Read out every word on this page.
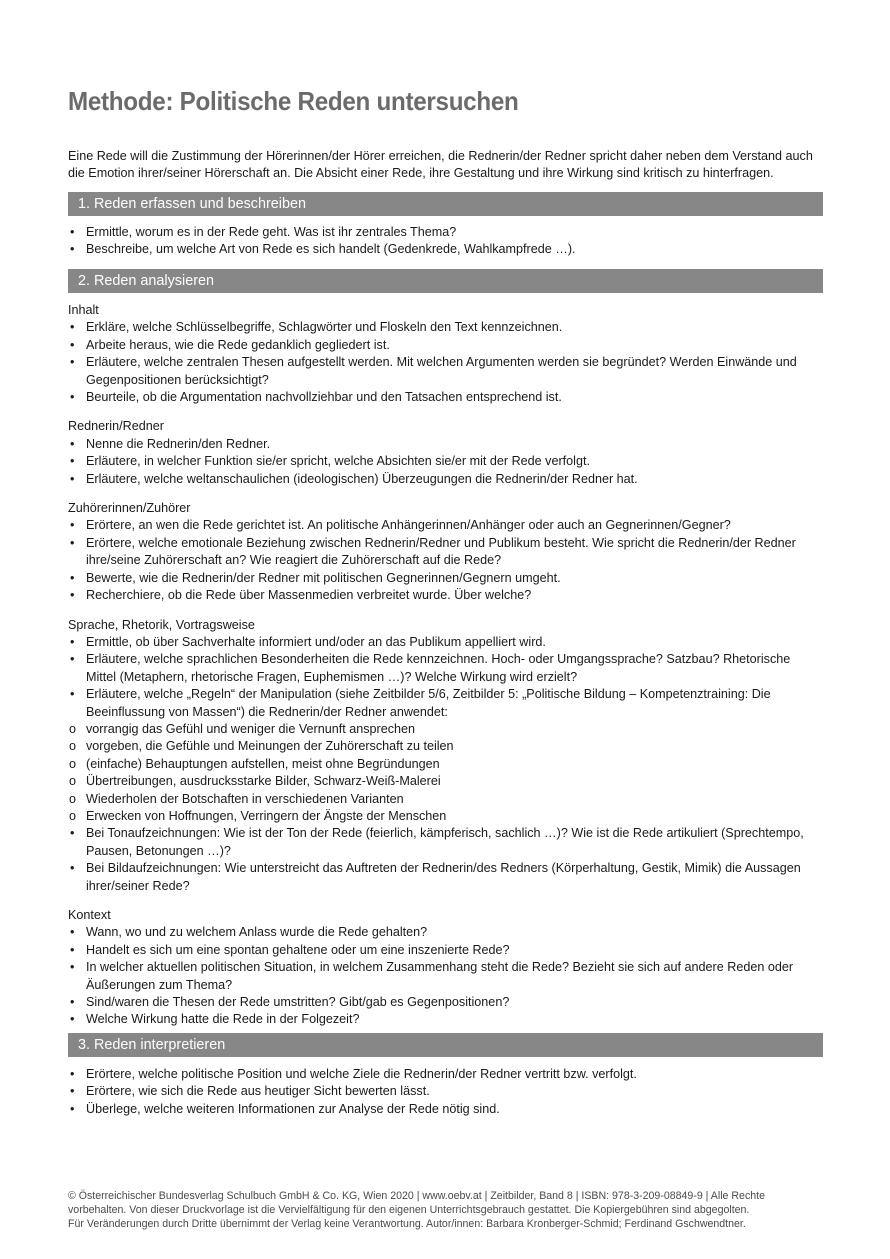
Methode: Politische Reden untersuchen

Eine Rede will die Zustimmung der Hörerinnen/der Hörer erreichen, die Rednerin/der Redner spricht daher neben dem Verstand auch die Emotion ihrer/seiner Hörerschaft an. Die Absicht einer Rede, ihre Gestaltung und ihre Wirkung sind kritisch zu hinterfragen.

1. Reden erfassen und beschreiben
• Ermittle, worum es in der Rede geht. Was ist ihr zentrales Thema?
• Beschreibe, um welche Art von Rede es sich handelt (Gedenkrede, Wahlkampfrede …).
2. Reden analysieren

Inhalt

• Erkläre, welche Schlüsselbegriffe, Schlagwörter und Floskeln den Text kennzeichnen.
• Arbeite heraus, wie die Rede gedanklich gegliedert ist.
• Erläutere, welche zentralen Thesen aufgestellt werden. Mit welchen Argumenten werden sie begründet? Werden Einwände und Gegenpositionen berücksichtigt?
• Beurteile, ob die Argumentation nachvollziehbar und den Tatsachen entsprechend ist.

Rednerin/Redner

• Nenne die Rednerin/den Redner.
• Erläutere, in welcher Funktion sie/er spricht, welche Absichten sie/er mit der Rede verfolgt.
• Erläutere, welche weltanschaulichen (ideologischen) Überzeugungen die Rednerin/der Redner hat.

Zuhörerinnen/Zuhörer

• Erörtere, an wen die Rede gerichtet ist. An politische Anhängerinnen/Anhänger oder auch an Gegnerinnen/Gegner?
• Erörtere, welche emotionale Beziehung zwischen Rednerin/Redner und Publikum besteht. Wie spricht die Rednerin/der Redner ihre/seine Zuhörerschaft an? Wie reagiert die Zuhörerschaft auf die Rede?
• Bewerte, wie die Rednerin/der Redner mit politischen Gegnerinnen/Gegnern umgeht.
• Recherchiere, ob die Rede über Massenmedien verbreitet wurde. Über welche?

Sprache, Rhetorik, Vortragsweise

• Ermittle, ob über Sachverhalte informiert und/oder an das Publikum appelliert wird.
• Erläutere, welche sprachlichen Besonderheiten die Rede kennzeichnen. Hoch- oder Umgangssprache? Satzbau? Rhetorische Mittel (Metaphern, rhetorische Fragen, Euphemismen …)? Welche Wirkung wird erzielt?
• Erläutere, welche „Regeln“ der Manipulation (siehe Zeitbilder 5/6, Zeitbilder 5: „Politische Bildung – Kompetenztraining: Die Beeinflussung von Massen“) die Rednerin/der Redner anwendet:
o vorrangig das Gefühl und weniger die Vernunft ansprechen
o vorgeben, die Gefühle und Meinungen der Zuhörerschaft zu teilen
o (einfache) Behauptungen aufstellen, meist ohne Begründungen
o Übertreibungen, ausdrucksstarke Bilder, Schwarz-Weiß-Malerei
o Wiederholen der Botschaften in verschiedenen Varianten
o Erwecken von Hoffnungen, Verringern der Ängste der Menschen
• Bei Tonaufzeichnungen: Wie ist der Ton der Rede (feierlich, kämpferisch, sachlich …)? Wie ist die Rede artikuliert (Sprechtempo, Pausen, Betonungen …)?
• Bei Bildaufzeichnungen: Wie unterstreicht das Auftreten der Rednerin/des Redners (Körperhaltung, Gestik, Mimik) die Aussagen ihrer/seiner Rede?

Kontext

• Wann, wo und zu welchem Anlass wurde die Rede gehalten?
• Handelt es sich um eine spontan gehaltene oder um eine inszenierte Rede?
• In welcher aktuellen politischen Situation, in welchem Zusammenhang steht die Rede? Bezieht sie sich auf andere Reden oder Äußerungen zum Thema?
• Sind/waren die Thesen der Rede umstritten? Gibt/gab es Gegenpositionen?
• Welche Wirkung hatte die Rede in der Folgezeit?
3. Reden interpretieren
• Erörtere, welche politische Position und welche Ziele die Rednerin/der Redner vertritt bzw. verfolgt.
• Erörtere, wie sich die Rede aus heutiger Sicht bewerten lässt.
• Überlege, welche weiteren Informationen zur Analyse der Rede nötig sind.
© Österreichischer Bundesverlag Schulbuch GmbH & Co. KG, Wien 2020 | www.oebv.at | Zeitbilder, Band 8 | ISBN: 978-3-209-08849-9 | Alle Rechte
vorbehalten. Von dieser Druckvorlage ist die Vervielfältigung für den eigenen Unterrichtsgebrauch gestattet. Die Kopiergebühren sind abgegolten.
Für Veränderungen durch Dritte übernimmt der Verlag keine Verantwortung. Autor/innen: Barbara Kronberger-Schmid; Ferdinand Gschwendtner.
